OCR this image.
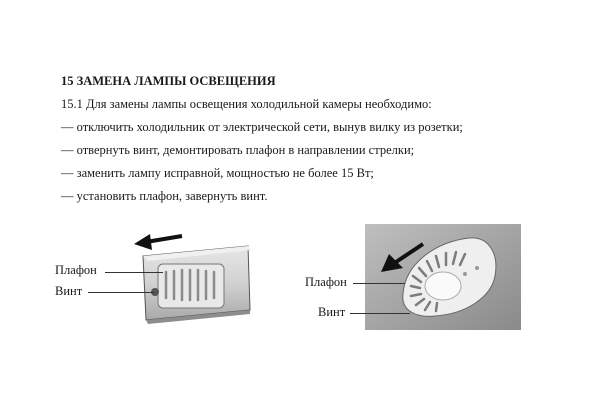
15 ЗАМЕНА ЛАМПЫ ОСВЕЩЕНИЯ
15.1 Для замены лампы освещения холодильной камеры необходимо:
— отключить холодильник от электрической сети, вынув вилку из розетки;
— отвернуть винт, демонтировать плафон в направлении стрелки;
— заменить лампу исправной, мощностью не более 15 Вт;
— установить плафон, завернуть винт.
Плафон
Винт
Плафон
Винт
